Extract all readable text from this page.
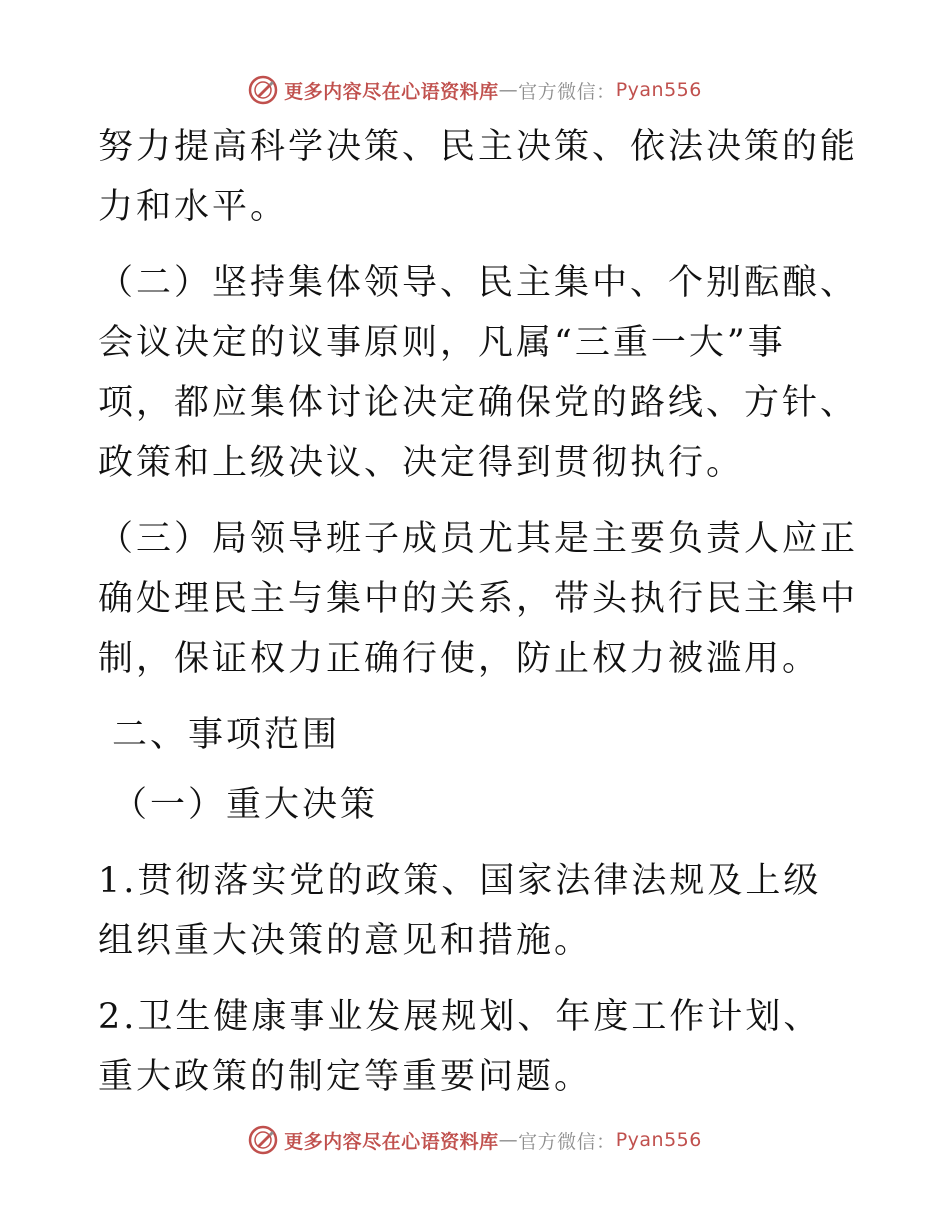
更多内容尽在心语资料库 — 官方微信： Pyan556

努力提高科学决策、民主决策、依法决策的能力和水平。

（二）坚持集体领导、民主集中、个别酝酿、会议决定的议事原则，凡属“三重一大”事项，都应集体讨论决定确保党的路线、方针、政策和上级决议、决定得到贯彻执行。

（三）局领导班子成员尤其是主要负责人应正确处理民主与集中的关系，带头执行民主集中制，保证权力正确行使，防止权力被滥用。

二、事项范围

（一）重大决策

1.贯彻落实党的政策、国家法律法规及上级组织重大决策的意见和措施。

2.卫生健康事业发展规划、年度工作计划、重大政策的制定等重要问题。

更多内容尽在心语资料库 — 官方微信： Pyan556
